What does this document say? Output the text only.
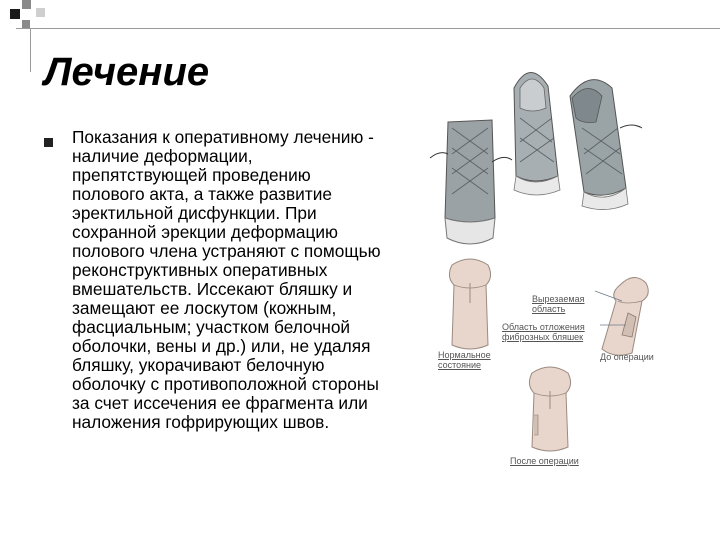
Лечение

Показания к оперативному лечению - наличие деформации, препятствующей проведению полового акта, а также развитие эректильной дисфункции. При сохранной эрекции деформацию полового члена устраняют с помощью реконструктивных оперативных вмешательств. Иссекают бляшку и замещают ее лоскутом (кожным, фасциальным; участком белочной оболочки, вены и др.) или, не удаляя бляшку, укорачивают белочную оболочку с противоположной стороны за счет иссечения ее фрагмента или наложения гофрирующих швов.

Нормальное состояние
Вырезаемая область
Область отложения фиброзных бляшек
До операции
После операции
